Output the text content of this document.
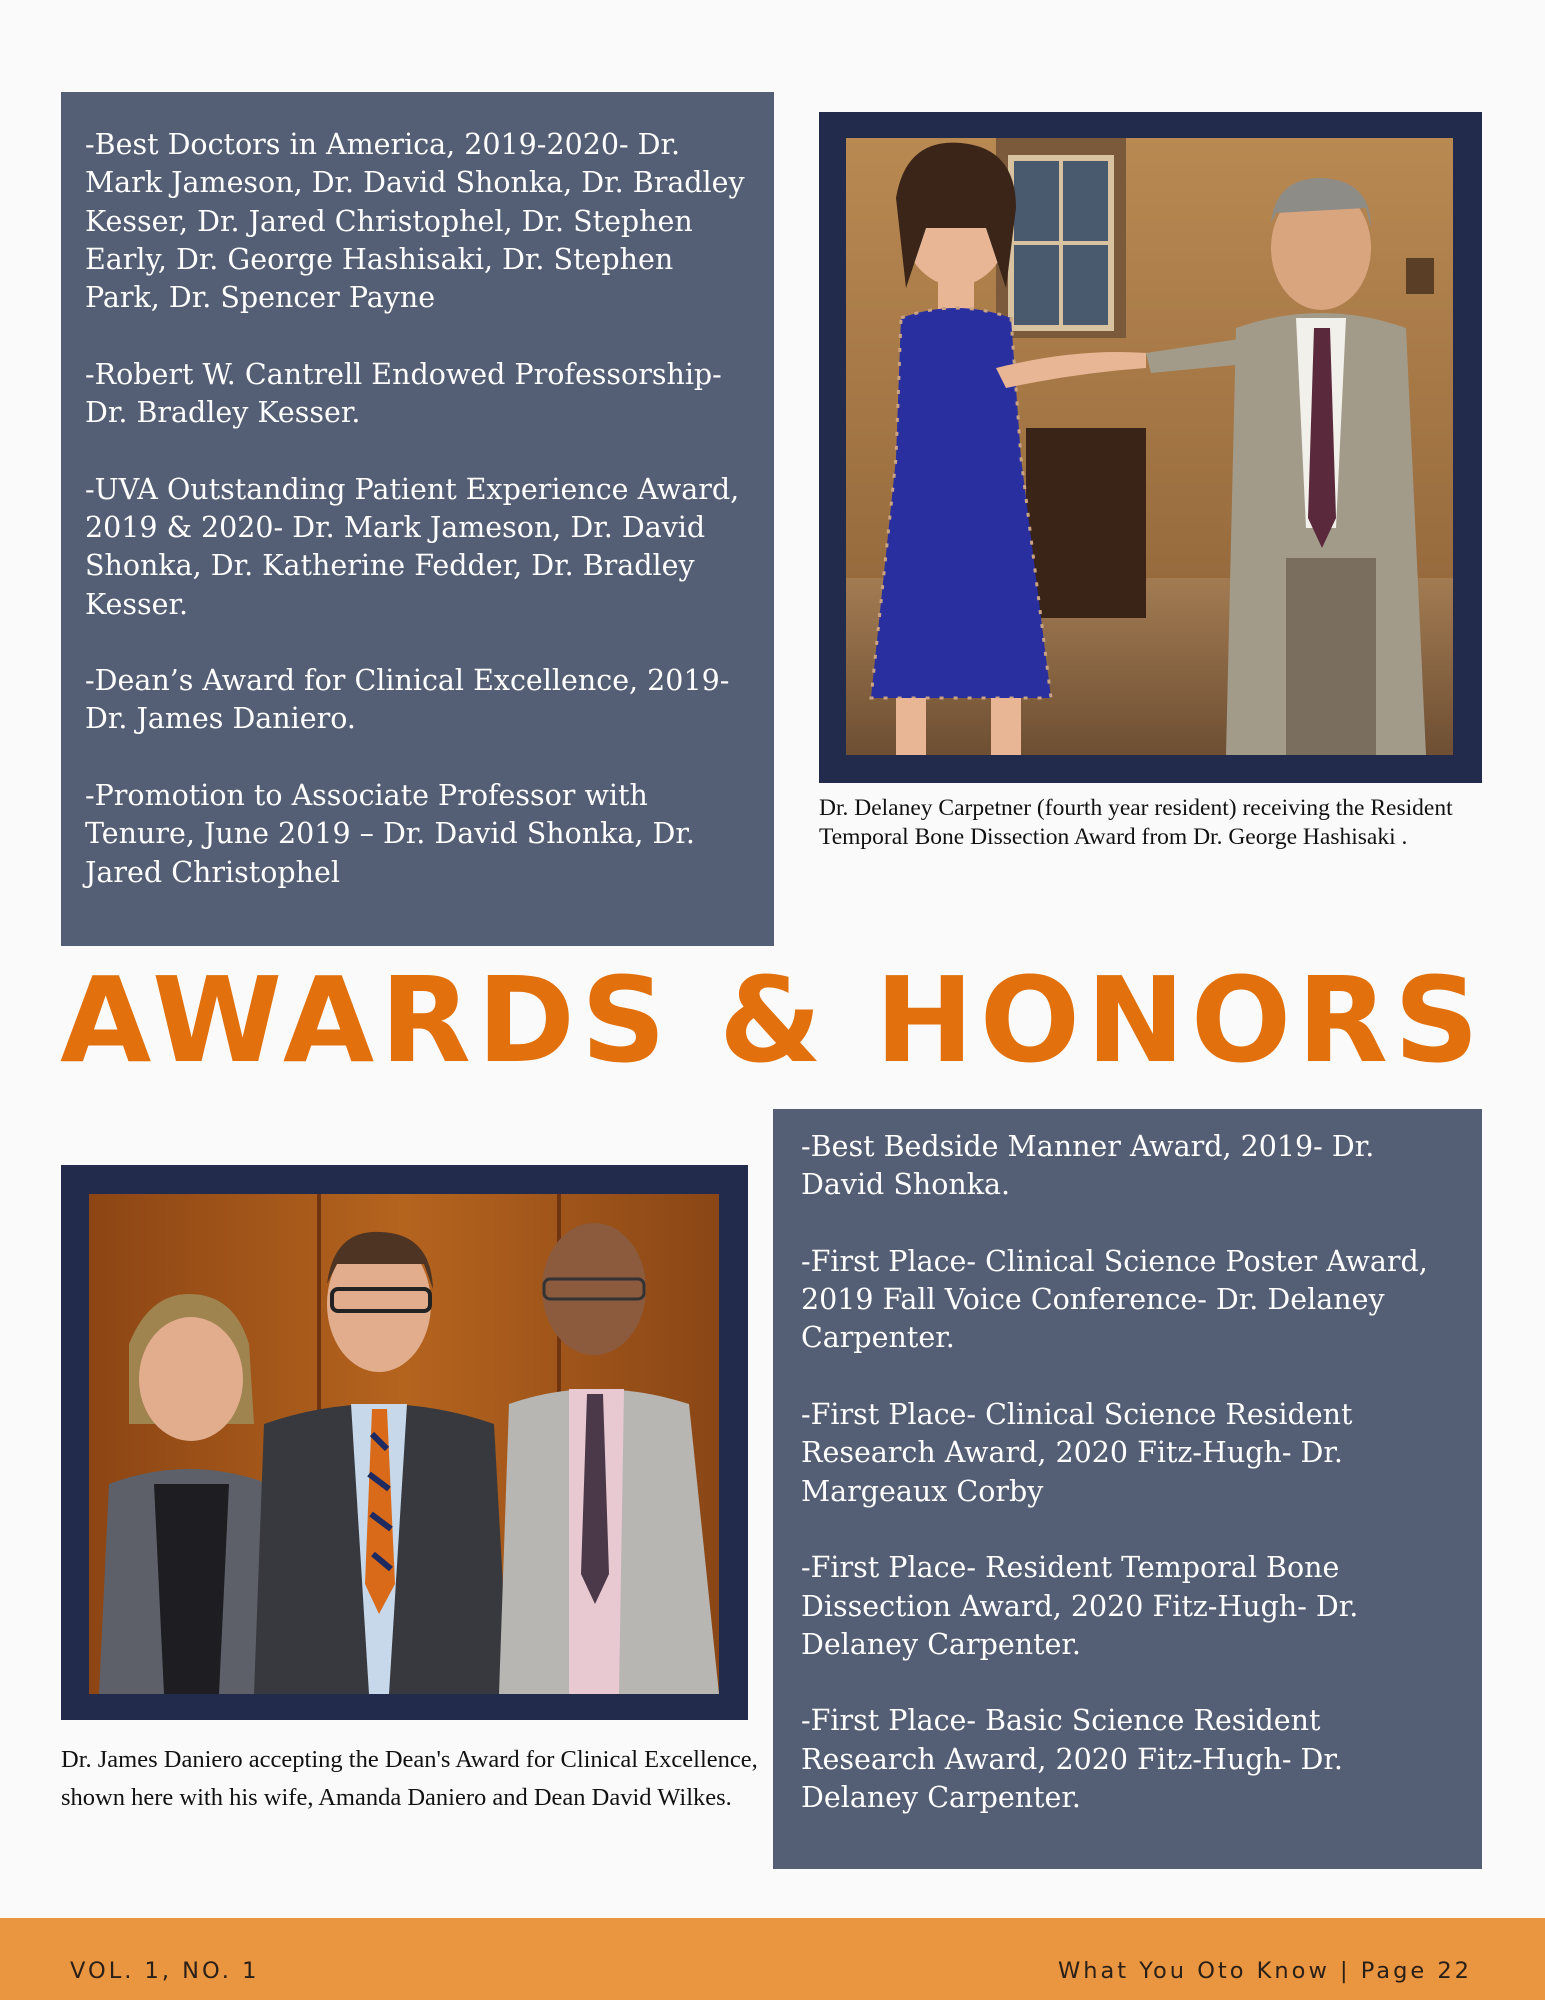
-Best Doctors in America, 2019-2020- Dr. Mark Jameson, Dr. David Shonka, Dr. Bradley Kesser, Dr. Jared Christophel, Dr. Stephen Early, Dr. George Hashisaki, Dr. Stephen Park, Dr. Spencer Payne

-Robert W. Cantrell Endowed Professorship- Dr. Bradley Kesser.

-UVA Outstanding Patient Experience Award, 2019 & 2020- Dr. Mark Jameson, Dr. David Shonka, Dr. Katherine Fedder, Dr. Bradley Kesser.

-Dean’s Award for Clinical Excellence, 2019- Dr. James Daniero.

-Promotion to Associate Professor with Tenure, June 2019 – Dr. David Shonka, Dr. Jared Christophel

Dr. Delaney Carpetner (fourth year resident) receiving the Resident Temporal Bone Dissection Award from Dr. George Hashisaki .
AWARDS & HONORS
Dr. James Daniero accepting the Dean's Award for Clinical Excellence, shown here with his wife, Amanda Daniero and Dean David Wilkes.

-Best Bedside Manner Award, 2019- Dr. David Shonka.

-First Place- Clinical Science Poster Award, 2019 Fall Voice Conference- Dr. Delaney Carpenter.

-First Place- Clinical Science Resident Research Award, 2020 Fitz-Hugh- Dr. Margeaux Corby

-First Place- Resident Temporal Bone Dissection Award, 2020 Fitz-Hugh- Dr. Delaney Carpenter.

-First Place- Basic Science Resident Research Award, 2020 Fitz-Hugh- Dr. Delaney Carpenter.

VOL. 1, NO. 1	What You Oto Know | Page 22
